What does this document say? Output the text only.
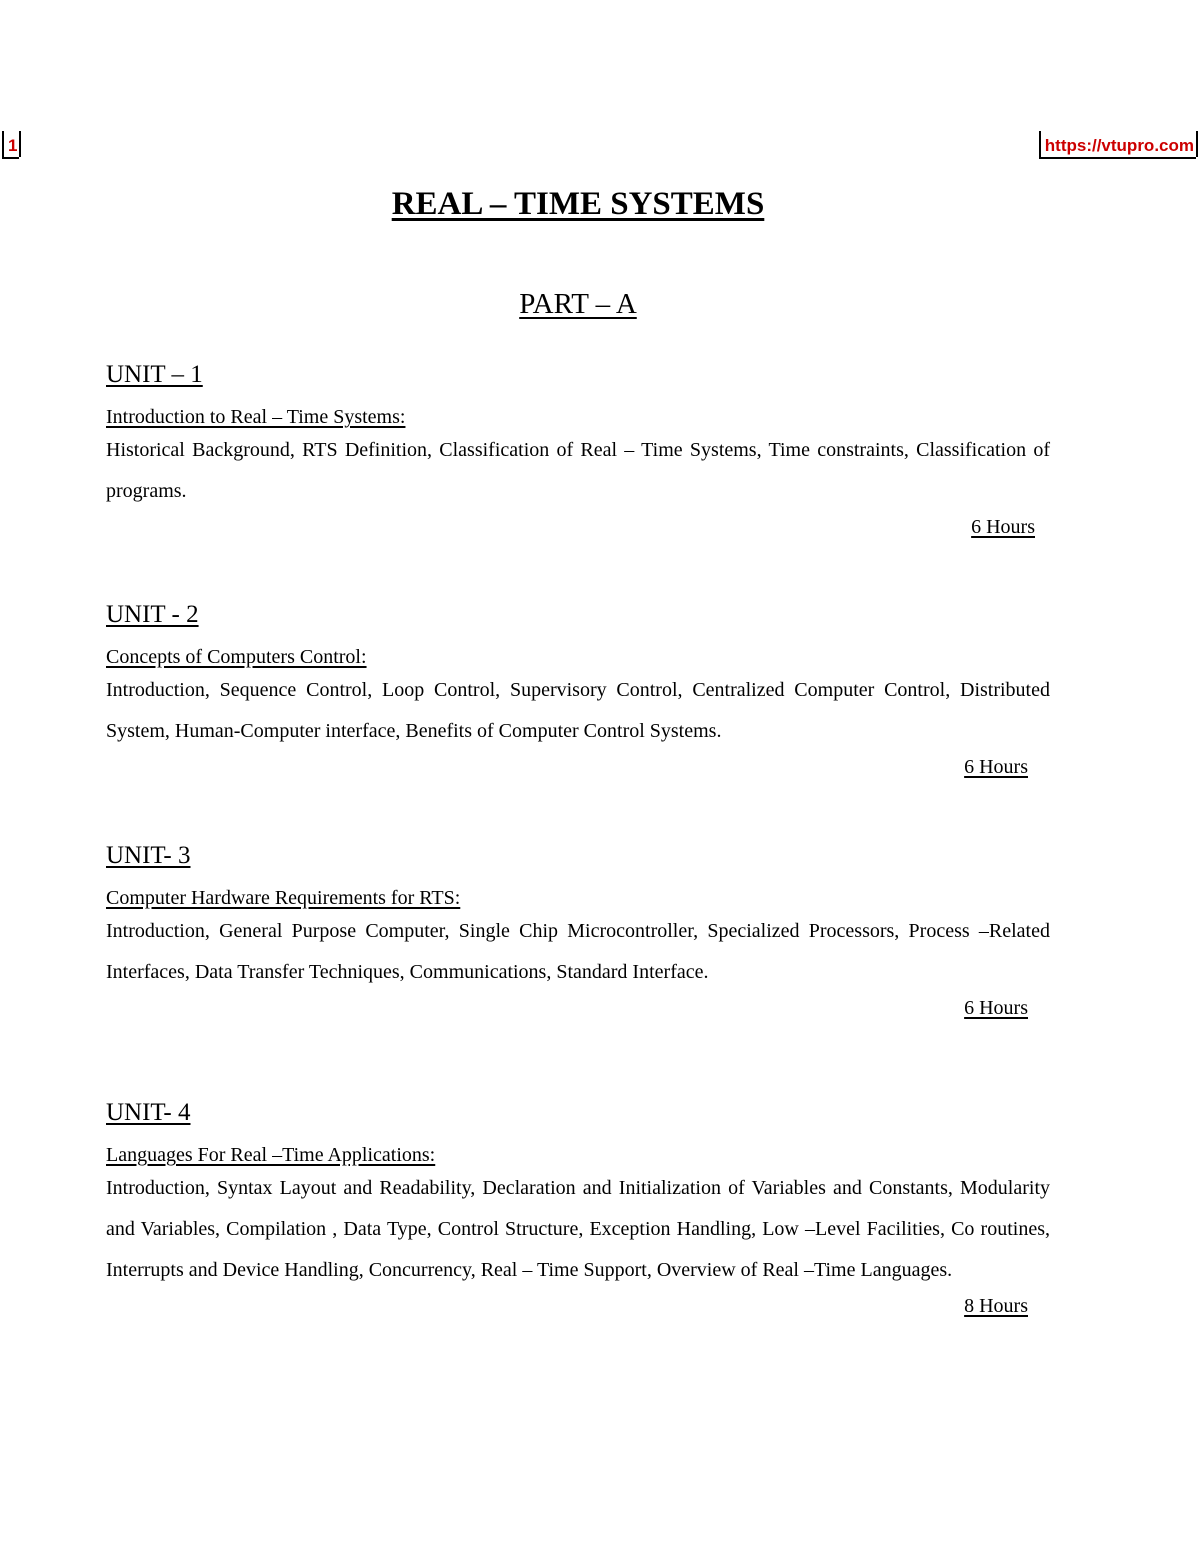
1	https://vtupro.com
REAL – TIME SYSTEMS
PART – A

UNIT – 1

Introduction to Real – Time Systems:

Historical Background, RTS Definition, Classification of Real – Time Systems, Time constraints, Classification of programs.

6 Hours

UNIT - 2

Concepts of Computers Control:

Introduction, Sequence Control, Loop Control, Supervisory Control, Centralized Computer Control, Distributed System, Human-Computer interface, Benefits of Computer Control Systems.

6 Hours

UNIT- 3

Computer Hardware Requirements for RTS:

Introduction, General Purpose Computer, Single Chip Microcontroller, Specialized Processors, Process –Related Interfaces, Data Transfer Techniques, Communications, Standard Interface.

6 Hours

UNIT- 4

Languages For Real –Time Applications:

Introduction, Syntax Layout and Readability, Declaration and Initialization of Variables and Constants, Modularity and Variables, Compilation , Data Type, Control Structure, Exception Handling, Low –Level Facilities, Co routines, Interrupts and Device Handling, Concurrency, Real – Time Support, Overview of Real –Time Languages.

8 Hours
